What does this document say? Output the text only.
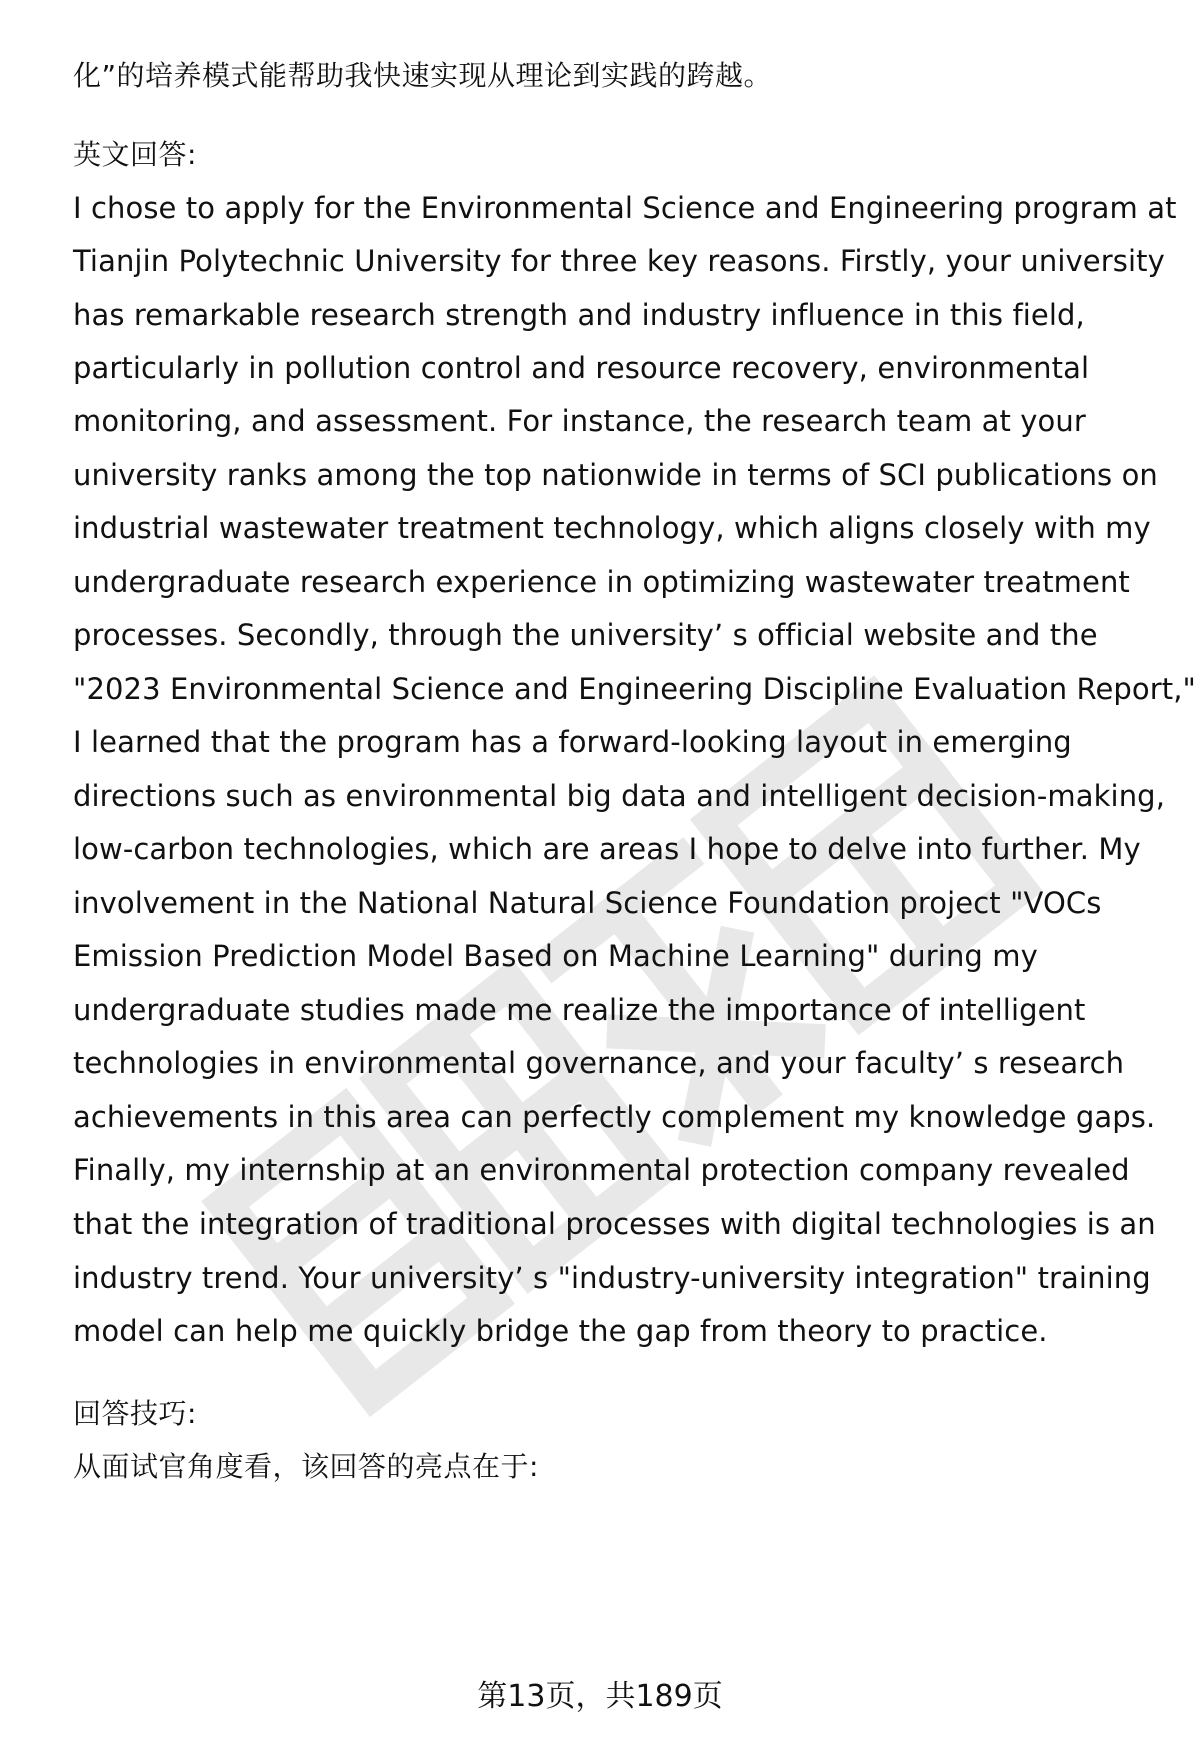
化”的培养模式能帮助我快速实现从理论到实践的跨越。
英文回答:
I chose to apply for the Environmental Science and Engineering program at
Tianjin Polytechnic University for three key reasons. Firstly, your university
has remarkable research strength and industry influence in this field,
particularly in pollution control and resource recovery, environmental
monitoring, and assessment. For instance, the research team at your
university ranks among the top nationwide in terms of SCI publications on
industrial wastewater treatment technology, which aligns closely with my
undergraduate research experience in optimizing wastewater treatment
processes. Secondly, through the university’ s official website and the
"2023 Environmental Science and Engineering Discipline Evaluation Report,"
I learned that the program has a forward-looking layout in emerging
directions such as environmental big data and intelligent decision-making,
low-carbon technologies, which are areas I hope to delve into further. My
involvement in the National Natural Science Foundation project "VOCs
Emission Prediction Model Based on Machine Learning" during my
undergraduate studies made me realize the importance of intelligent
technologies in environmental governance, and your faculty’ s research
achievements in this area can perfectly complement my knowledge gaps.
Finally, my internship at an environmental protection company revealed
that the integration of traditional processes with digital technologies is an
industry trend. Your university’ s "industry-university integration" training
model can help me quickly bridge the gap from theory to practice.
回答技巧:
从面试官角度看，该回答的亮点在于:
第13页，共189页
